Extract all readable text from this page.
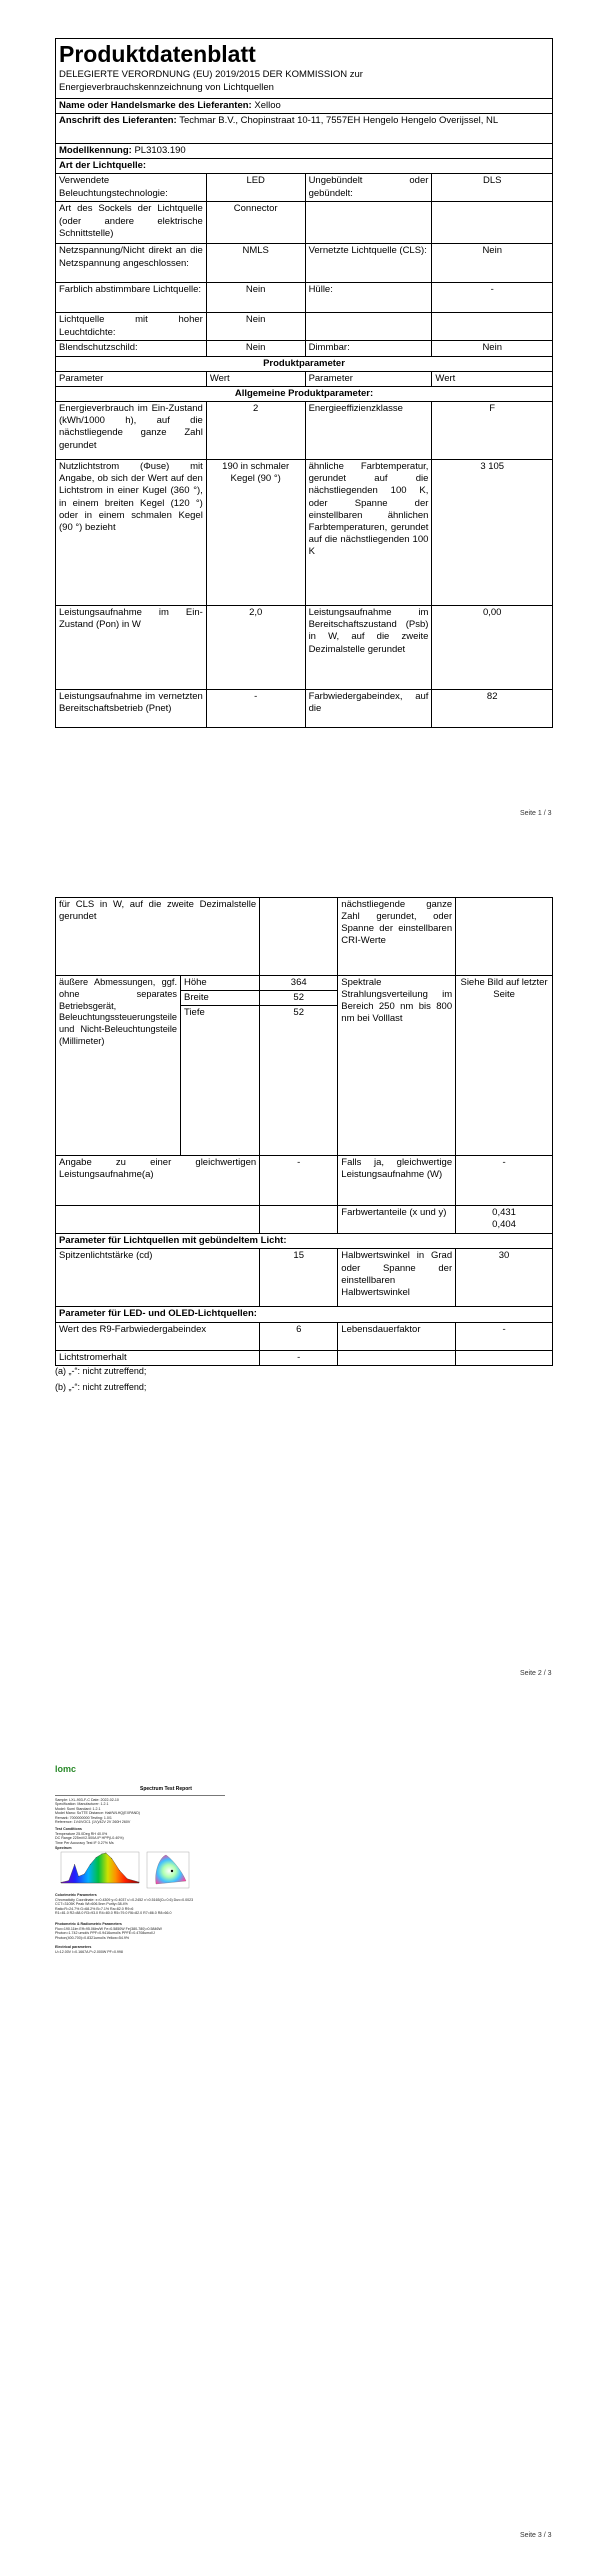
Produktdatenblatt
DELEGIERTE VERORDNUNG (EU) 2019/2015 DER KOMMISSION zur
Energieverbrauchskennzeichnung von Lichtquellen			

Name oder Handelsmarke des Lieferanten: Xelloo			
Anschrift des Lieferanten: Techmar B.V., Chopinstraat 10-11, 7557EH Hengelo Hengelo Overijssel, NL			
Modellkennung: PL3103.190			
Art der Lichtquelle:			
Verwendete Beleuchtungstechnologie:	LED	Ungebündelt oder gebündelt:	DLS
Art des Sockels der Lichtquelle (oder andere elektrische Schnittstelle)	Connector		
Netzspannung/Nicht direkt an die Netzspannung angeschlossen:	NMLS	Vernetzte Lichtquelle (CLS):	Nein
Farblich abstimmbare Lichtquelle:	Nein	Hülle:	-
Lichtquelle mit hoher Leuchtdichte:	Nein		
Blendschutzschild:	Nein	Dimmbar:	Nein
Produktparameter			
Parameter	Wert	Parameter	Wert
Allgemeine Produktparameter:			
Energieverbrauch im Ein-Zustand (kWh/1000 h), auf die nächstliegende ganze Zahl gerundet	2	Energieeffizienzklasse	F
Nutzlichtstrom (Φuse) mit Angabe, ob sich der Wert auf den Lichtstrom in einer Kugel (360 °), in einem breiten Kegel (120 °) oder in einem schmalen Kegel (90 °) bezieht	190 in schmaler Kegel (90 °)	ähnliche Farbtemperatur, gerundet auf die nächstliegenden 100 K, oder Spanne der einstellbaren ähnlichen Farbtemperaturen, gerundet auf die nächstliegenden 100 K	3 105
Leistungsaufnahme im Ein-Zustand (Pon) in W	2,0	Leistungsaufnahme im Bereitschaftszustand (Psb) in W, auf die zweite Dezimalstelle gerundet	0,00
Leistungsaufnahme im vernetzten Bereitschaftsbetrieb (Pnet)	-	Farbwiedergabeindex, auf die	82
Seite 1 / 3
für CLS in W, auf die zweite Dezimalstelle gerundet			nächstliegende ganze Zahl gerundet, oder Spanne der einstellbaren CRI-Werte	
äußere Abmessungen, ggf. ohne separates Betriebsgerät, Beleuchtungssteuerungsteile und Nicht-Beleuchtungsteile (Millimeter)	Höhe	364	Spektrale Strahlungsverteilung im Bereich 250 nm bis 800 nm bei Volllast	Siehe Bild auf letzter Seite
	Breite	52		
	Tiefe	52		
Angabe zu einer gleichwertigen Leistungsaufnahme(a)		-	Falls ja, gleichwertige Leistungsaufnahme (W)	-
			Farbwertanteile (x und y)	0,431
0,404

Parameter für Lichtquellen mit gebündeltem Licht:				
Spitzenlichtstärke (cd)		15	Halbwertswinkel in Grad oder Spanne der einstellbaren Halbwertswinkel	30
Parameter für LED- und OLED-Lichtquellen:				
Wert des R9-Farbwiedergabeindex		6	Lebensdauerfaktor	-
Lichtstromerhalt		-		
(a) „-“: nicht zutreffend;
(b) „-“: nicht zutreffend;
Seite 2 / 3
lomc
Spectrum Test Report
Sample: LXL-903-F-C Date: 2022-02-10
Specification: Manufacturer: 1.2.1
Model: Sumi Standard: 1.2.1
Model Manu: SoTTE Distance: Half/WLHQ(EXPAND)
Remark: 7000000000 Testing: 1.0/1
Reference: 1V4/VOC1 (1V)/42V 2V 260H 260V
Test Conditions
Temperature 25.0Deg RH 40.0%
DC Range 225mV/2.500A IP HPP(L0.40%)
Time Per Accuracy Test IF 0.27% Ms
Spectrum
Colorimetric Parameters
Chromaticity Coordinate: x=0.4309 y=0.4037 u'=0.2452 v'=0.5165(Cu 0.6) Duv=0.0023
CCT=3105K Peak Wl=606.5nm Purity=38.4%
Ratio:R=24.7% G=68.2% B=7.1% Ra=82.0 R9=6
R1=81.0 R2=88.0 R3=93.0 R4=80.0 R5=79.0 R6=82.0 R7=86.0 R8=66.0
Photometric & Radiometric Parameters
Flux=190.11lm Eff=95.06lm/W Fe=0.5850W Fe(380-780)=0.5846W
Photon=1.742 umol/s PPF=0.9416umol/s PPFE=0.4708umol/J
Photon(400-700)=0.8321umol/s Yellow=54.9%
Electrical parameters
U=12.00V I=0.1667A P=2.000W PF=0.998
Seite 3 / 3
